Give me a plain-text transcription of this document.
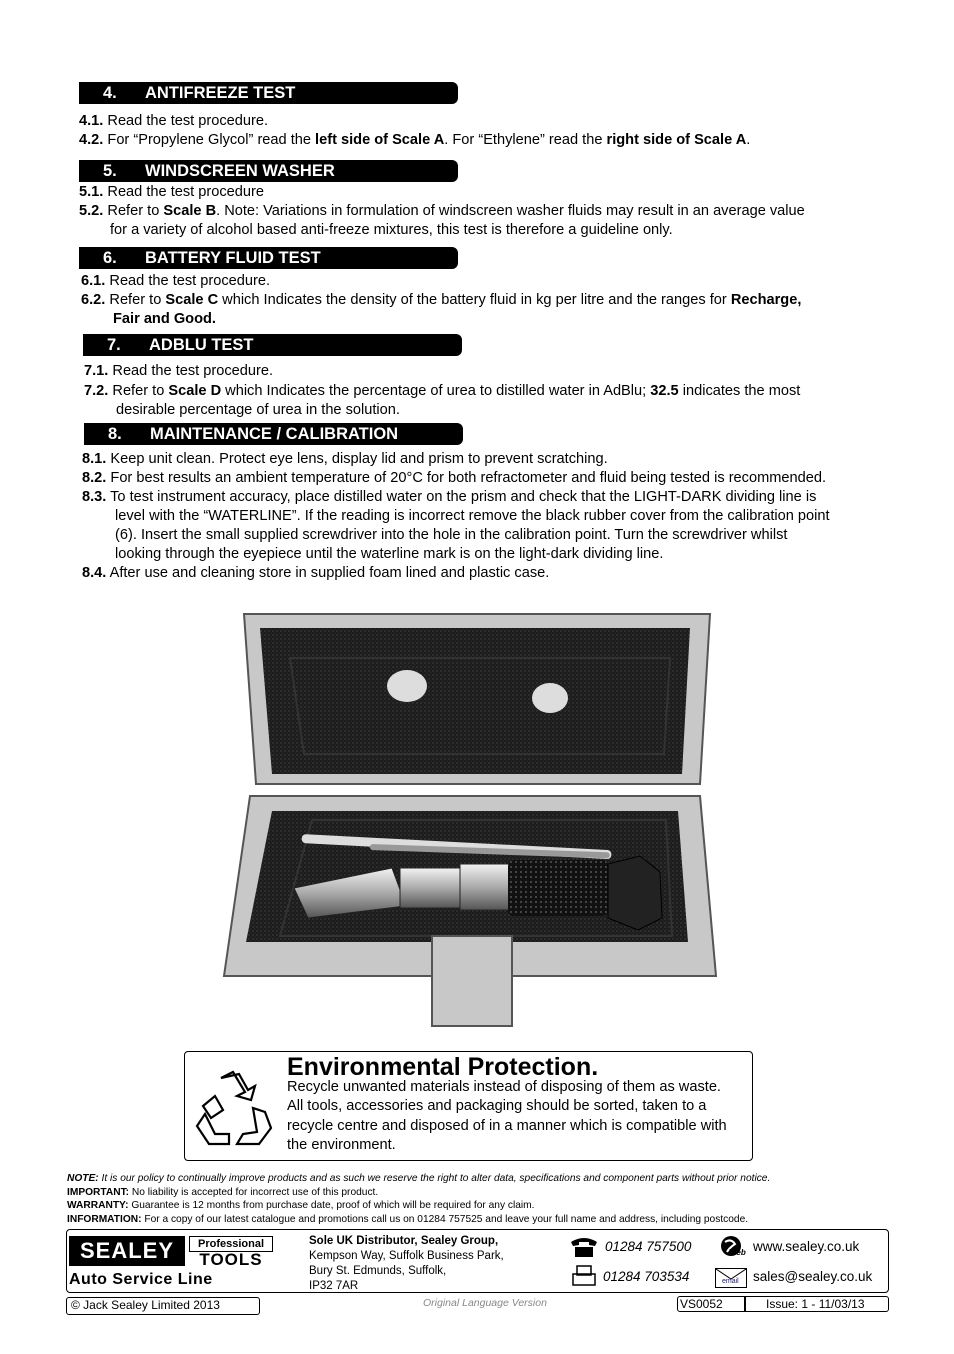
4. ANTIFREEZE TEST
4.1. Read the test procedure.
4.2. For “Propylene Glycol” read the left side of Scale A. For “Ethylene” read the right side of Scale A.
5. WINDSCREEN WASHER
5.1. Read the test procedure
5.2. Refer to Scale B. Note: Variations in formulation of windscreen washer fluids may result in an average value
for a variety of alcohol based anti-freeze mixtures, this test is therefore a guideline only.
6. BATTERY FLUID TEST
6.1. Read the test procedure.
6.2. Refer to Scale C which Indicates the density of the battery fluid in kg per litre and the ranges for Recharge,
Fair and Good.
7. ADBLU TEST
7.1. Read the test procedure.
7.2. Refer to Scale D which Indicates the percentage of urea to distilled water in AdBlu; 32.5 indicates the most
desirable percentage of urea in the solution.
8. MAINTENANCE / CALIBRATION
8.1. Keep unit clean. Protect eye lens, display lid and prism to prevent scratching.
8.2. For best results an ambient temperature of 20°C for both refractometer and fluid being tested is recommended.
8.3. To test instrument accuracy, place distilled water on the prism and check that the LIGHT-DARK dividing line is
level with the “WATERLINE”. If the reading is incorrect remove the black rubber cover from the calibration point
(6). Insert the small supplied screwdriver into the hole in the calibration point. Turn the screwdriver whilst
looking through the eyepiece until the waterline mark is on the light-dark dividing line.
8.4. After use and cleaning store in supplied foam lined and plastic case.
Environmental Protection.
Recycle unwanted materials instead of disposing of them as waste. All tools, accessories and packaging should be sorted, taken to a recycle centre and disposed of in a manner which is compatible with the environment.
NOTE: It is our policy to continually improve products and as such we reserve the right to alter data, specifications and component parts without prior notice.
IMPORTANT: No liability is accepted for incorrect use of this product.
WARRANTY: Guarantee is 12 months from purchase date, proof of which will be required for any claim.
INFORMATION: For a copy of our latest catalogue and promotions call us on 01284 757525 and leave your full name and address, including postcode.
SEALEY	Professional
TOOLS
Auto Service Line
Sole UK Distributor, Sealey Group,
Kempson Way, Suffolk Business Park,
Bury St. Edmunds, Suffolk,
IP32 7AR
01284 757500
01284 703534
Web www.sealey.co.uk
email sales@sealey.co.uk
© Jack Sealey Limited 2013	Original Language Version	VS0052	Issue: 1 - 11/03/13
